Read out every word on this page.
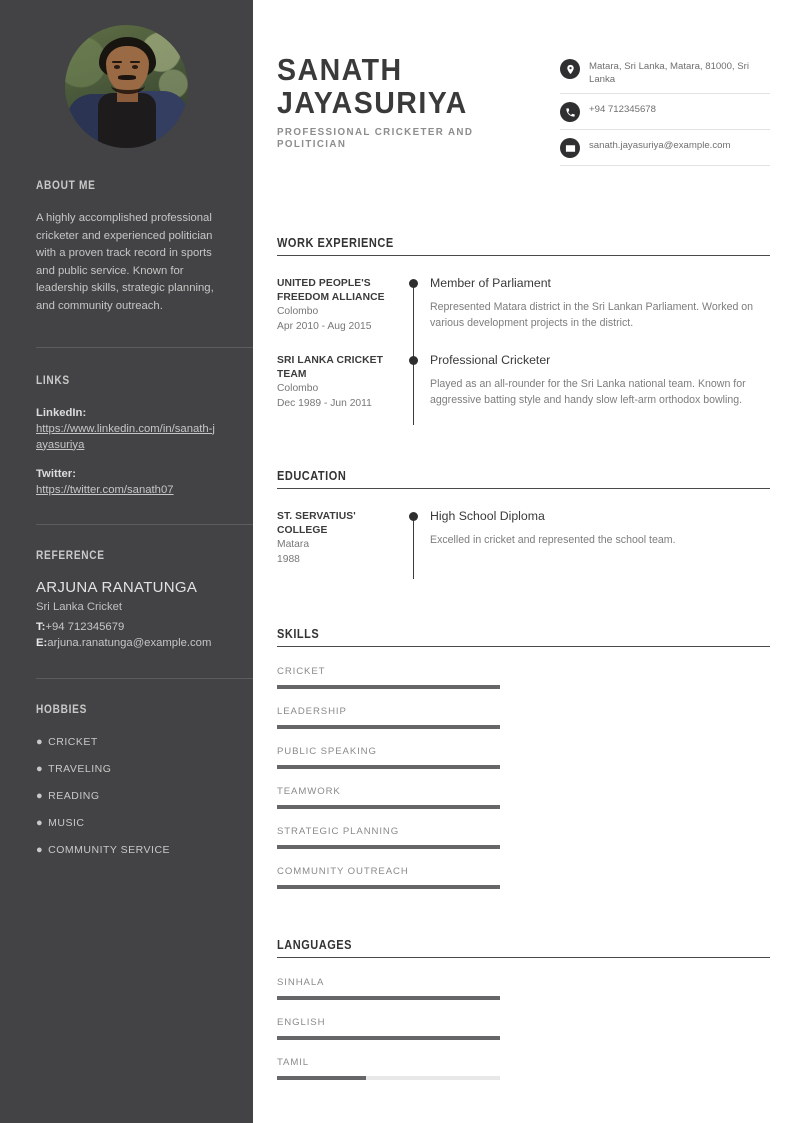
ABOUT ME
A highly accomplished professional cricketer and experienced politician with a proven track record in sports and public service. Known for leadership skills, strategic planning, and community outreach.
LINKS
LinkedIn:
https://www.linkedin.com/in/sanath-jayasuriya
Twitter:
https://twitter.com/sanath07
REFERENCE
ARJUNA RANATUNGA
Sri Lanka Cricket
T:+94 712345679
E:arjuna.ranatunga@example.com
HOBBIES
● CRICKET
● TRAVELING
● READING
● MUSIC
● COMMUNITY SERVICE
SANATH
JAYASURIYA
PROFESSIONAL CRICKETER AND POLITICIAN
Matara, Sri Lanka, Matara, 81000, Sri Lanka
+94 712345678
sanath.jayasuriya@example.com
WORK EXPERIENCE
UNITED PEOPLE'S FREEDOM ALLIANCE
Colombo
Apr 2010 - Aug 2015
Member of Parliament
Represented Matara district in the Sri Lankan Parliament. Worked on various development projects in the district.
SRI LANKA CRICKET TEAM
Colombo
Dec 1989 - Jun 2011
Professional Cricketer
Played as an all-rounder for the Sri Lanka national team. Known for aggressive batting style and handy slow left-arm orthodox bowling.
EDUCATION
ST. SERVATIUS' COLLEGE
Matara
1988
High School Diploma
Excelled in cricket and represented the school team.
SKILLS
CRICKET
LEADERSHIP
PUBLIC SPEAKING
TEAMWORK
STRATEGIC PLANNING
COMMUNITY OUTREACH
LANGUAGES
SINHALA
ENGLISH
TAMIL
